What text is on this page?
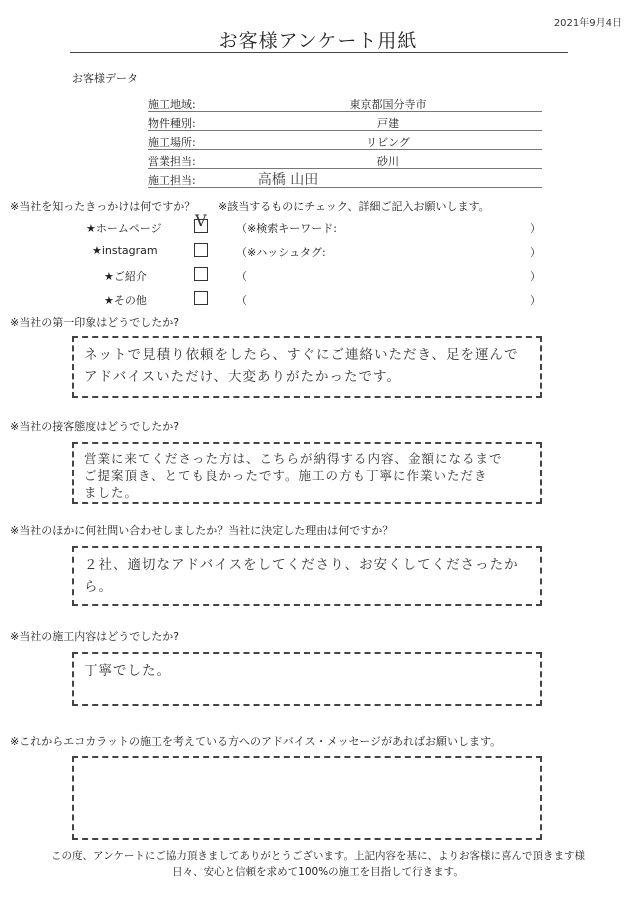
2021年9月4日
お客様アンケート用紙
お客様データ
施工地域:	東京都国分寺市
物件種別:	戸建
施工場所:	リビング
営業担当:	砂川
施工担当:	高橋 山田
※当社を知ったきっかけは何ですか？ ※該当するものにチェック、詳細ご記入お願いします。
★ホームページ V	（※検索キーワード:	）
★instagram	（※ハッシュタグ:	）
★ご紹介	（	）
★その他	（	）
※当社の第一印象はどうでしたか?
ネットで見積り依頼をしたら、すぐにご連絡いただき、足を運んで
アドバイスいただけ、大変ありがたかったです。
※当社の接客態度はどうでしたか?
営業に来てくださった方は、こちらが納得する内容、金額になるまで
ご提案頂き、とても良かったです。施工の方も丁寧に作業いただき
ました。
※当社のほかに何社問い合わせしましたか？当社に決定した理由は何ですか？
２社、適切なアドバイスをしてくださり、お安くしてくださったから。
※当社の施工内容はどうでしたか?
丁寧でした。
※これからエコカラットの施工を考えている方へのアドバイス・メッセージがあればお願いします。
この度、アンケートにご協力頂きましてありがとうございます。上記内容を基に、よりお客様に喜んで頂きます様
日々、安心と信頼を求めて100%の施工を目指して行きます。
